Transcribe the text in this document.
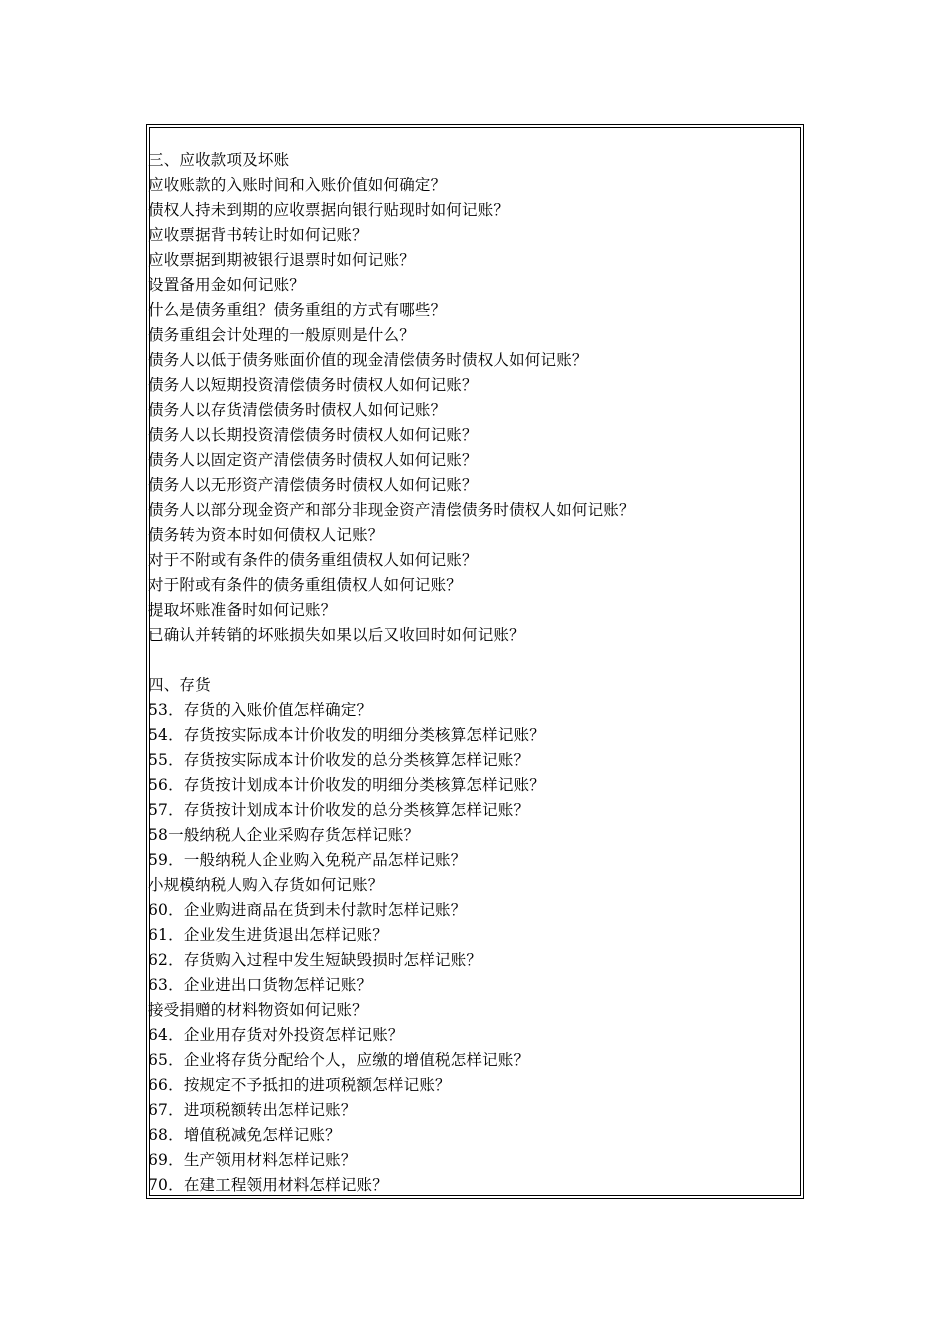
三、应收款项及坏账
应收账款的入账时间和入账价值如何确定？
债权人持未到期的应收票据向银行贴现时如何记账？
应收票据背书转让时如何记账？
应收票据到期被银行退票时如何记账？
设置备用金如何记账？
什么是债务重组？债务重组的方式有哪些？
债务重组会计处理的一般原则是什么？
债务人以低于债务账面价值的现金清偿债务时债权人如何记账？
债务人以短期投资清偿债务时债权人如何记账？
债务人以存货清偿债务时债权人如何记账？
债务人以长期投资清偿债务时债权人如何记账？
债务人以固定资产清偿债务时债权人如何记账？
债务人以无形资产清偿债务时债权人如何记账？
债务人以部分现金资产和部分非现金资产清偿债务时债权人如何记账？
债务转为资本时如何债权人记账？
对于不附或有条件的债务重组债权人如何记账？
对于附或有条件的债务重组债权人如何记账？
提取坏账准备时如何记账？
已确认并转销的坏账损失如果以后又收回时如何记账？
四、存货
53．存货的入账价值怎样确定？
54．存货按实际成本计价收发的明细分类核算怎样记账？
55．存货按实际成本计价收发的总分类核算怎样记账？
56．存货按计划成本计价收发的明细分类核算怎样记账？
57．存货按计划成本计价收发的总分类核算怎样记账？
58一般纳税人企业采购存货怎样记账？
59．一般纳税人企业购入免税产品怎样记账？
小规模纳税人购入存货如何记账？
60．企业购进商品在货到未付款时怎样记账？
61．企业发生进货退出怎样记账？
62．存货购入过程中发生短缺毁损时怎样记账？
63．企业进出口货物怎样记账？
接受捐赠的材料物资如何记账？
64．企业用存货对外投资怎样记账？
65．企业将存货分配给个人，应缴的增值税怎样记账？
66．按规定不予抵扣的进项税额怎样记账？
67．进项税额转出怎样记账？
68．增值税减免怎样记账？
69．生产领用材料怎样记账？
70．在建工程领用材料怎样记账？
